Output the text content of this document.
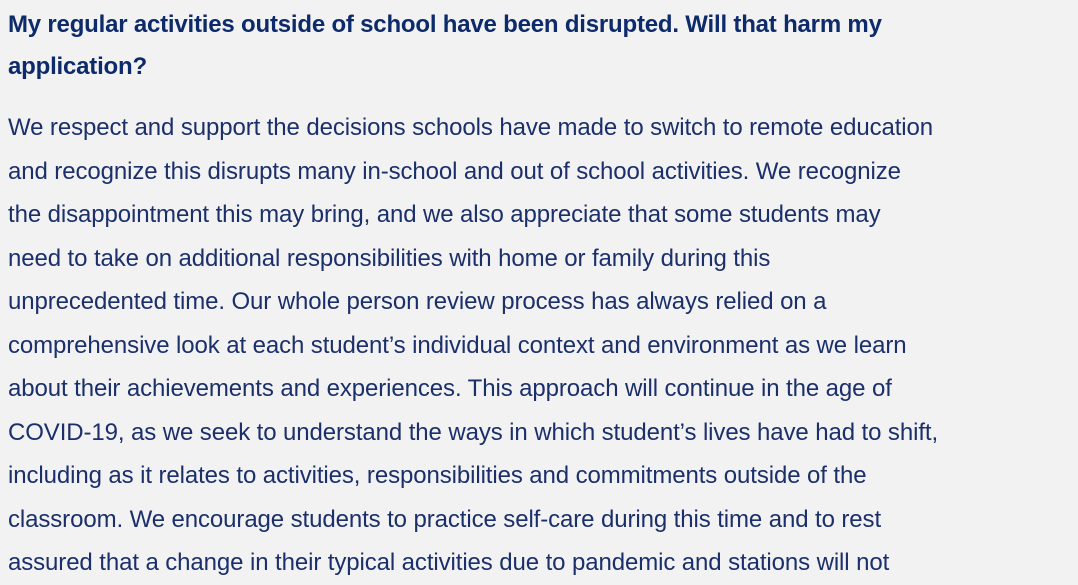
My regular activities outside of school have been disrupted. Will that harm my
application?

We respect and support the decisions schools have made to switch to remote education
and recognize this disrupts many in-school and out of school activities. We recognize
the disappointment this may bring, and we also appreciate that some students may
need to take on additional responsibilities with home or family during this
unprecedented time. Our whole person review process has always relied on a
comprehensive look at each student’s individual context and environment as we learn
about their achievements and experiences. This approach will continue in the age of
COVID-19, as we seek to understand the ways in which student’s lives have had to shift,
including as it relates to activities, responsibilities and commitments outside of the
classroom. We encourage students to practice self-care during this time and to rest
assured that a change in their typical activities due to pandemic and stations will not
